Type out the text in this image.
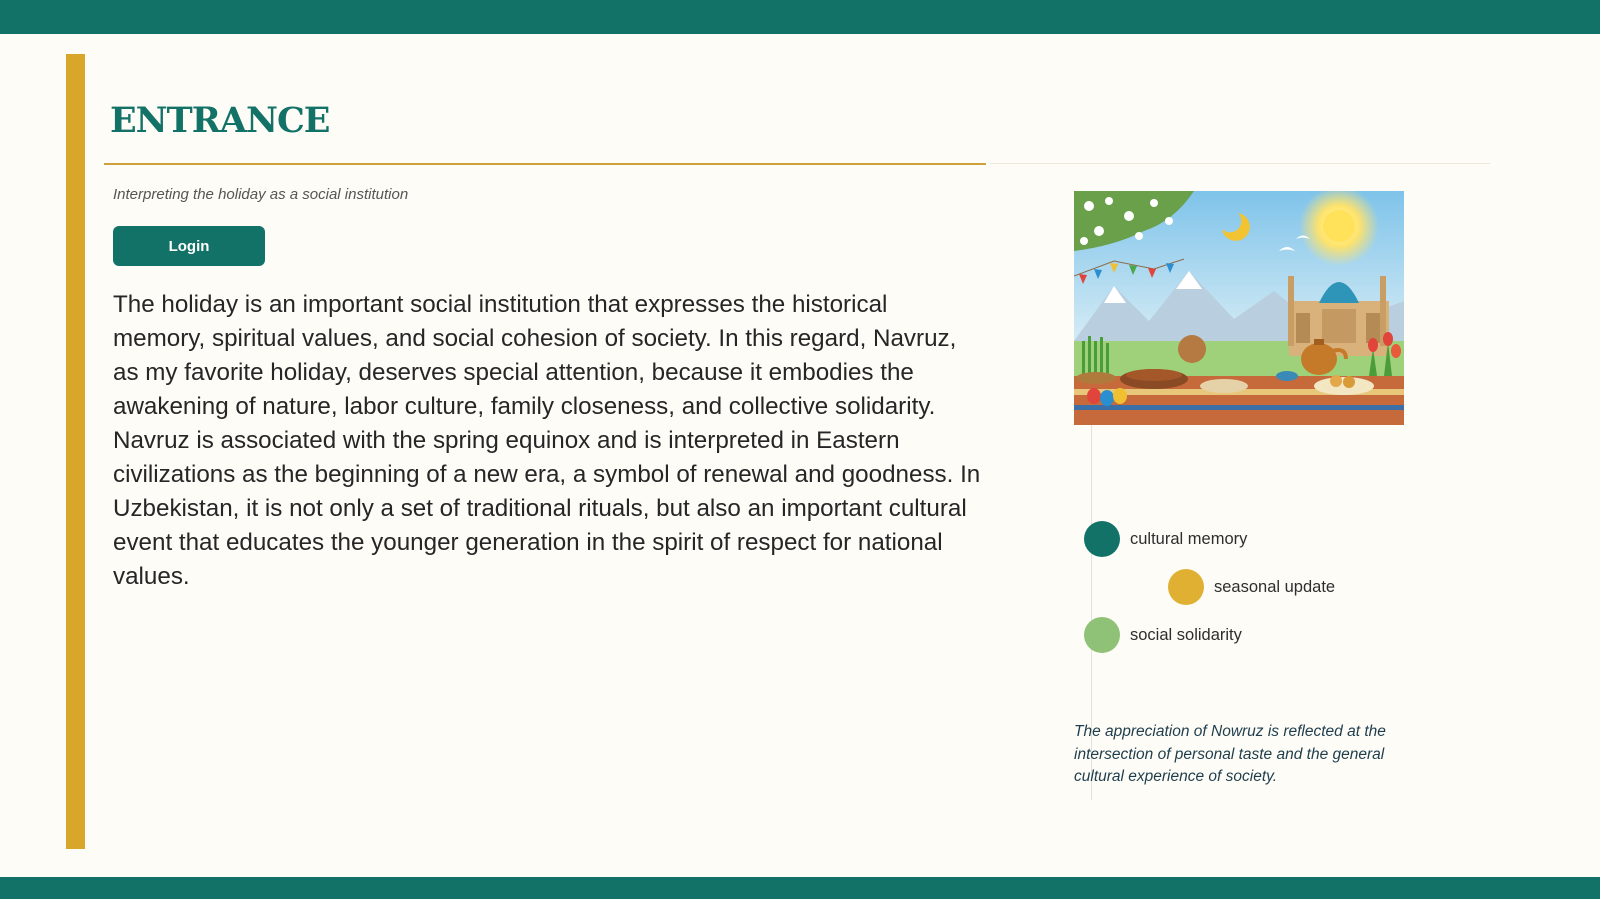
ENTRANCE
Interpreting the holiday as a social institution
Login

The holiday is an important social institution that expresses the historical memory, spiritual values, and social cohesion of society. In this regard, Navruz, as my favorite holiday, deserves special attention, because it embodies the awakening of nature, labor culture, family closeness, and collective solidarity. Navruz is associated with the spring equinox and is interpreted in Eastern civilizations as the beginning of a new era, a symbol of renewal and goodness. In Uzbekistan, it is not only a set of traditional rituals, but also an important cultural event that educates the younger generation in the spirit of respect for national values.

cultural memory
seasonal update
social solidarity

The appreciation of Nowruz is reflected at the intersection of personal taste and the general cultural experience of society.
